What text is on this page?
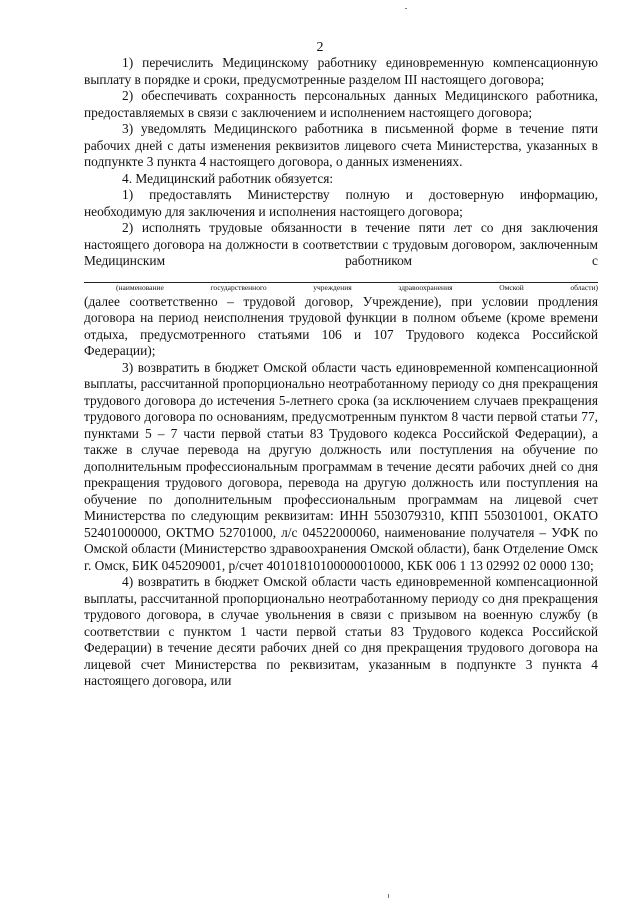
2

1) перечислить Медицинскому работнику единовременную компенсационную выплату в порядке и сроки, предусмотренные разделом III настоящего договора;

2) обеспечивать сохранность персональных данных Медицинского работника, предоставляемых в связи с заключением и исполнением настоящего договора;

3) уведомлять Медицинского работника в письменной форме в течение пяти рабочих дней с даты изменения реквизитов лицевого счета Министерства, указанных в подпункте 3 пункта 4 настоящего договора, о данных изменениях.

4. Медицинский работник обязуется:

1) предоставлять Министерству полную и достоверную информацию, необходимую для заключения и исполнения настоящего договора;

2) исполнять трудовые обязанности в течение пяти лет со дня заключения настоящего договора на должности в соответствии с трудовым договором, заключенным Медицинским работником с

(наименование государственного учреждения здравоохранения Омской области)

(далее соответственно – трудовой договор, Учреждение), при условии продления договора на период неисполнения трудовой функции в полном объеме (кроме времени отдыха, предусмотренного статьями 106 и 107 Трудового кодекса Российской Федерации);

3) возвратить в бюджет Омской области часть единовременной компенсационной выплаты, рассчитанной пропорционально неотработанному периоду со дня прекращения трудового договора до истечения 5-летнего срока (за исключением случаев прекращения трудового договора по основаниям, предусмотренным пунктом 8 части первой статьи 77, пунктами 5 – 7 части первой статьи 83 Трудового кодекса Российской Федерации), а также в случае перевода на другую должность или поступления на обучение по дополнительным профессиональным программам в течение десяти рабочих дней со дня прекращения трудового договора, перевода на другую должность или поступления на обучение по дополнительным профессиональным программам на лицевой счет Министерства по следующим реквизитам: ИНН 5503079310, КПП 550301001, ОКАТО 52401000000, ОКТМО 52701000, л/с 04522000060, наименование получателя – УФК по Омской области (Министерство здравоохранения Омской области), банк Отделение Омск г. Омск, БИК 045209001, р/счет 40101810100000010000, КБК 006 1 13 02992 02 0000 130;

4) возвратить в бюджет Омской области часть единовременной компенсационной выплаты, рассчитанной пропорционально неотработанному периоду со дня прекращения трудового договора, в случае увольнения в связи с призывом на военную службу (в соответствии с пунктом 1 части первой статьи 83 Трудового кодекса Российской Федерации) в течение десяти рабочих дней со дня прекращения трудового договора на лицевой счет Министерства по реквизитам, указанным в подпункте 3 пункта 4 настоящего договора, или
